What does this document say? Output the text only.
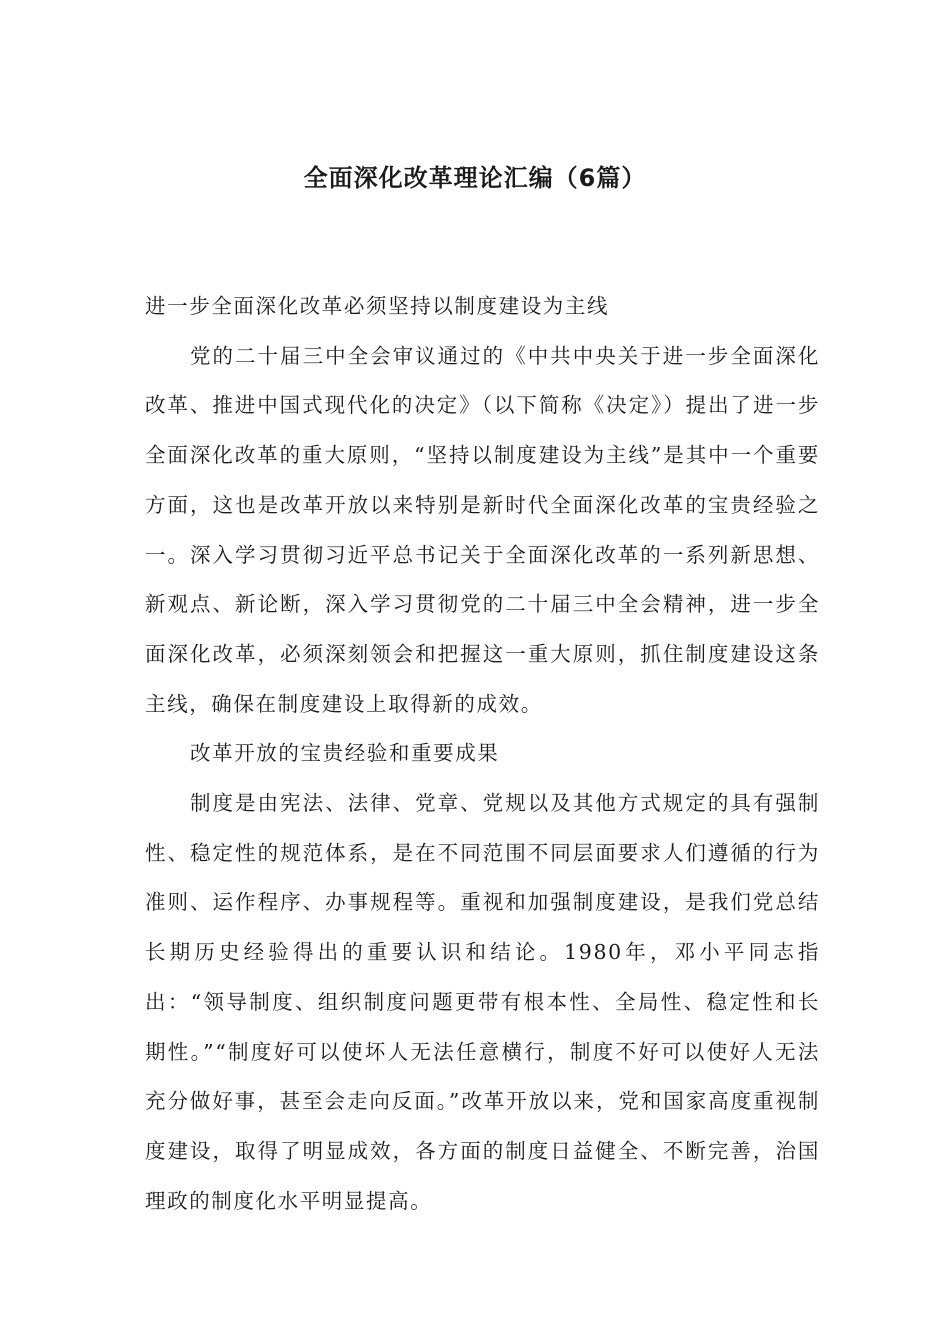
全面深化改革理论汇编（6篇）

进一步全面深化改革必须坚持以制度建设为主线

党的二十届三中全会审议通过的《中共中央关于进一步全面深化改革、推进中国式现代化的决定》（以下简称《决定》）提出了进一步全面深化改革的重大原则，“坚持以制度建设为主线”是其中一个重要方面，这也是改革开放以来特别是新时代全面深化改革的宝贵经验之一。深入学习贯彻习近平总书记关于全面深化改革的一系列新思想、新观点、新论断，深入学习贯彻党的二十届三中全会精神，进一步全面深化改革，必须深刻领会和把握这一重大原则，抓住制度建设这条主线，确保在制度建设上取得新的成效。

改革开放的宝贵经验和重要成果

制度是由宪法、法律、党章、党规以及其他方式规定的具有强制性、稳定性的规范体系，是在不同范围不同层面要求人们遵循的行为准则、运作程序、办事规程等。重视和加强制度建设，是我们党总结长期历史经验得出的重要认识和结论。1980年，邓小平同志指出：“领导制度、组织制度问题更带有根本性、全局性、稳定性和长期性。”“制度好可以使坏人无法任意横行，制度不好可以使好人无法充分做好事，甚至会走向反面。”改革开放以来，党和国家高度重视制度建设，取得了明显成效，各方面的制度日益健全、不断完善，治国理政的制度化水平明显提高。
